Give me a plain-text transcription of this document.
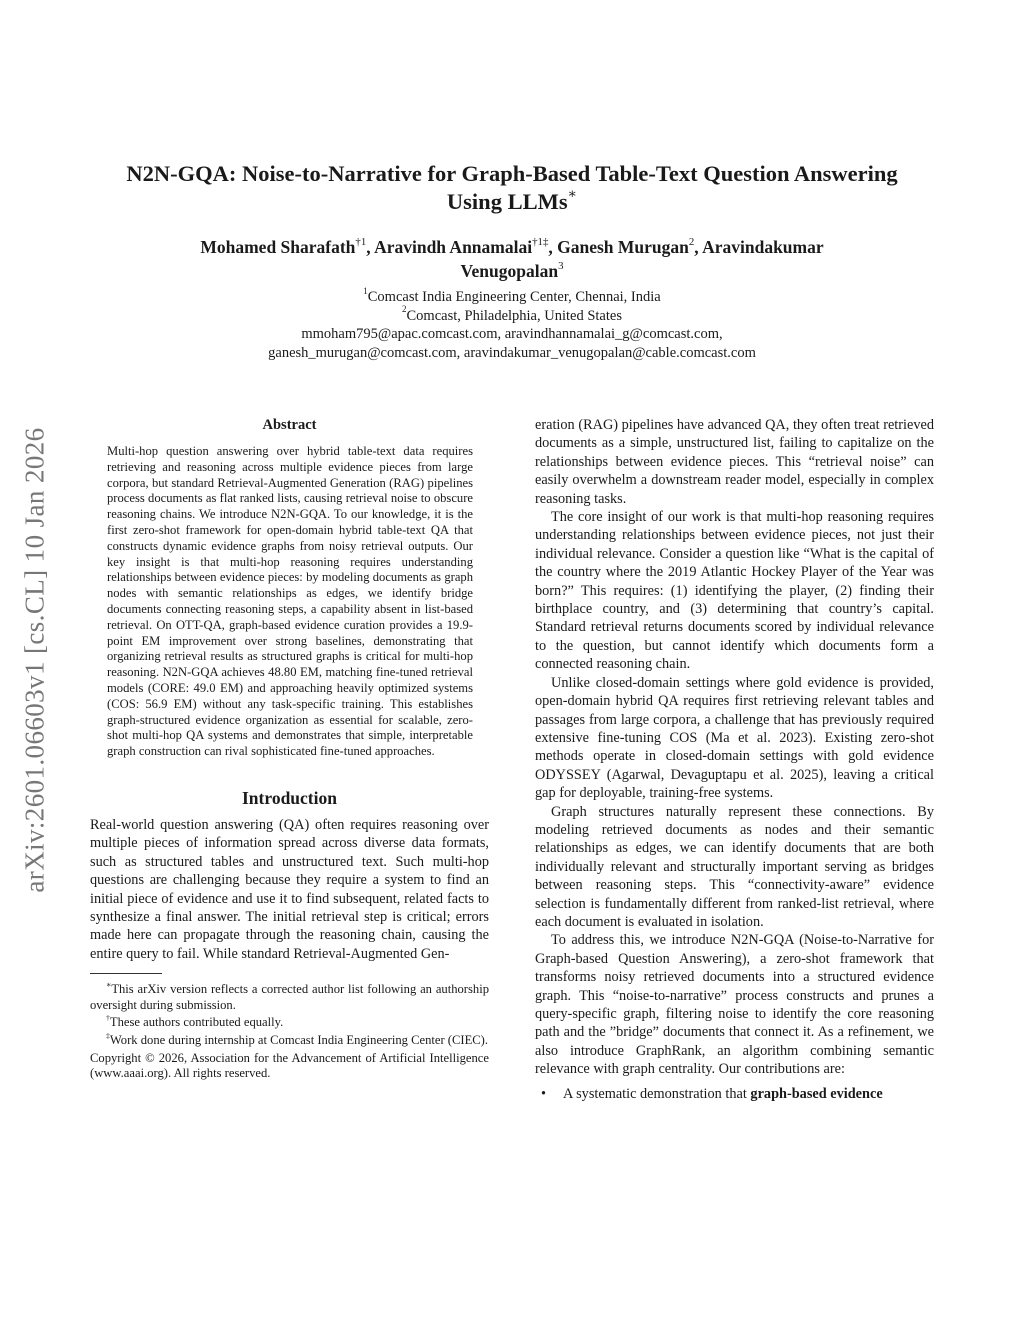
arXiv:2601.06603v1 [cs.CL] 10 Jan 2026
N2N-GQA: Noise-to-Narrative for Graph-Based Table-Text Question Answering
Using LLMs∗
Mohamed Sharafath$^{\dagger 1}$, Aravindh Annamalai$^{\dagger 1\ddagger}$, Ganesh Murugan$^2$, Aravindakumar
Venugopalan$^3$
$^1$Comcast India Engineering Center, Chennai, India
$^2$Comcast, Philadelphia, United States
mmoham795@apac.comcast.com, aravindhannamalai_g@comcast.com,
ganesh_murugan@comcast.com, aravindakumar_venugopalan@cable.comcast.com
Abstract

Multi-hop question answering over hybrid table-text data requires retrieving and reasoning across multiple evidence pieces from large corpora, but standard Retrieval-Augmented Generation (RAG) pipelines process documents as flat ranked lists, causing retrieval noise to obscure reasoning chains. We introduce N2N-GQA. To our knowledge, it is the first zero-shot framework for open-domain hybrid table-text QA that constructs dynamic evidence graphs from noisy retrieval outputs. Our key insight is that multi-hop reasoning requires understanding relationships between evidence pieces: by modeling documents as graph nodes with semantic relationships as edges, we identify bridge documents connecting reasoning steps, a capability absent in list-based retrieval. On OTT-QA, graph-based evidence curation provides a 19.9-point EM improvement over strong baselines, demonstrating that organizing retrieval results as structured graphs is critical for multi-hop reasoning. N2N-GQA achieves 48.80 EM, matching fine-tuned retrieval models (CORE: 49.0 EM) and approaching heavily optimized systems (COS: 56.9 EM) without any task-specific training. This establishes graph-structured evidence organization as essential for scalable, zero-shot multi-hop QA systems and demonstrates that simple, interpretable graph construction can rival sophisticated fine-tuned approaches.

Introduction

Real-world question answering (QA) often requires reasoning over multiple pieces of information spread across diverse data formats, such as structured tables and unstructured text. Such multi-hop questions are challenging because they require a system to find an initial piece of evidence and use it to find subsequent, related facts to synthesize a final answer. The initial retrieval step is critical; errors made here can propagate through the reasoning chain, causing the entire query to fail. While standard Retrieval-Augmented Gen-

∗This arXiv version reflects a corrected author list following an authorship oversight during submission.

†These authors contributed equally.

‡Work done during internship at Comcast India Engineering Center (CIEC).

Copyright © 2026, Association for the Advancement of Artificial Intelligence (www.aaai.org). All rights reserved.

eration (RAG) pipelines have advanced QA, they often treat retrieved documents as a simple, unstructured list, failing to capitalize on the relationships between evidence pieces. This “retrieval noise” can easily overwhelm a downstream reader model, especially in complex reasoning tasks.

The core insight of our work is that multi-hop reasoning requires understanding relationships between evidence pieces, not just their individual relevance. Consider a question like “What is the capital of the country where the 2019 Atlantic Hockey Player of the Year was born?” This requires: (1) identifying the player, (2) finding their birthplace country, and (3) determining that country’s capital. Standard retrieval returns documents scored by individual relevance to the question, but cannot identify which documents form a connected reasoning chain.

Unlike closed-domain settings where gold evidence is provided, open-domain hybrid QA requires first retrieving relevant tables and passages from large corpora, a challenge that has previously required extensive fine-tuning COS (Ma et al. 2023). Existing zero-shot methods operate in closed-domain settings with gold evidence ODYSSEY (Agarwal, Devaguptapu et al. 2025), leaving a critical gap for deployable, training-free systems.

Graph structures naturally represent these connections. By modeling retrieved documents as nodes and their semantic relationships as edges, we can identify documents that are both individually relevant and structurally important serving as bridges between reasoning steps. This “connectivity-aware” evidence selection is fundamentally different from ranked-list retrieval, where each document is evaluated in isolation.

To address this, we introduce N2N-GQA (Noise-to-Narrative for Graph-based Question Answering), a zero-shot framework that transforms noisy retrieved documents into a structured evidence graph. This “noise-to-narrative” process constructs and prunes a query-specific graph, filtering noise to identify the core reasoning path and the ”bridge” documents that connect it. As a refinement, we also introduce GraphRank, an algorithm combining semantic relevance with graph centrality. Our contributions are:

•	A systematic demonstration that graph-based evidence
